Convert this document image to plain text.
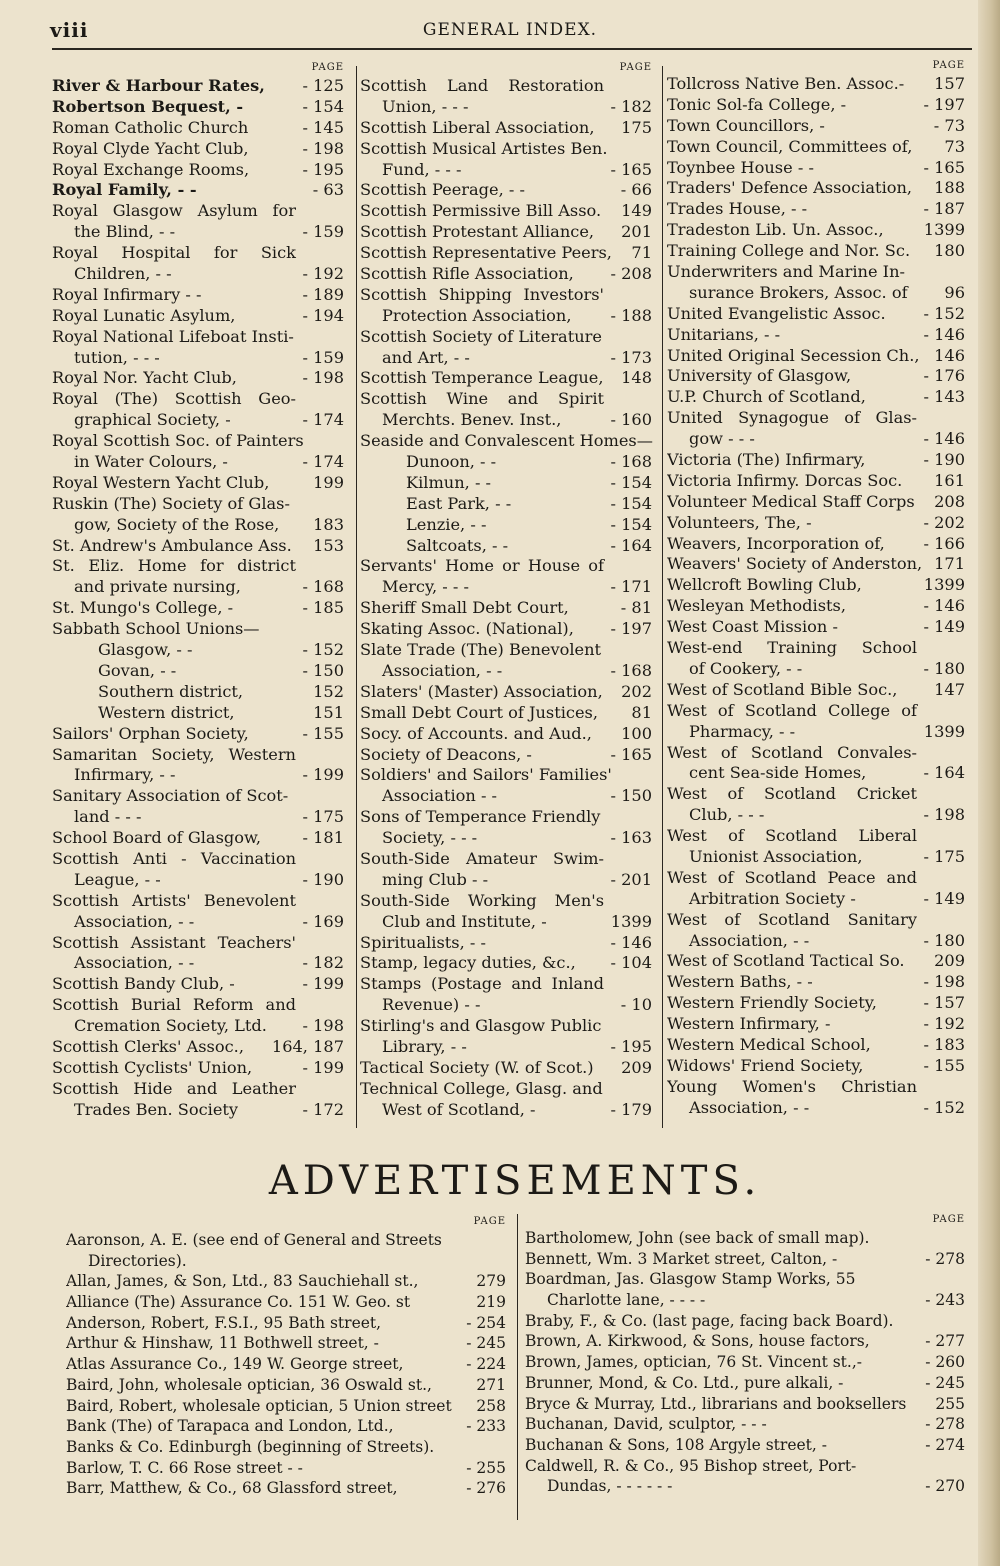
viii	GENERAL INDEX.
PAGE
River & Harbour Rates, - 125
Robertson Bequest, -	- 154
Roman Catholic Church	- 145
Royal Clyde Yacht Club,	- 198
Royal Exchange Rooms,	- 195
Royal Family, - -	- 63
Royal Glasgow Asylum for
the Blind, - -	- 159
Royal Hospital for Sick
Children, - -	- 192
Royal Infirmary - -	- 189
Royal Lunatic Asylum,	- 194
Royal National Lifeboat Insti-
tution, - - -	- 159
Royal Nor. Yacht Club,	- 198
Royal (The) Scottish Geo-
graphical Society, -	- 174
Royal Scottish Soc. of Painters
in Water Colours, -	- 174
Royal Western Yacht Club,	199
Ruskin (The) Society of Glas-
gow, Society of the Rose, 183
St. Andrew's Ambulance Ass. 153
St. Eliz. Home for district
and private nursing,	- 168
St. Mungo's College, -	- 185
Sabbath School Unions—
Glasgow, - -	- 152
Govan, - -	- 150
Southern district,	152
Western district,	151
Sailors' Orphan Society,	- 155
Samaritan Society, Western
Infirmary, - -	- 199
Sanitary Association of Scot-
land - - -	- 175
School Board of Glasgow,	- 181
Scottish Anti - Vaccination
League, - -	- 190
Scottish Artists' Benevolent
Association, - -	- 169
Scottish Assistant Teachers'
Association, - -	- 182
Scottish Bandy Club, -	- 199
Scottish Burial Reform and
Cremation Society, Ltd. - 198
Scottish Clerks' Assoc., 164, 187
Scottish Cyclists' Union,	- 199
Scottish Hide and Leather
Trades Ben. Society	- 172
PAGE
Scottish Land Restoration
Union, - - -	- 182
Scottish Liberal Association, 175
Scottish Musical Artistes Ben.
Fund, - - -	- 165
Scottish Peerage, - -	- 66
Scottish Permissive Bill Asso. 149
Scottish Protestant Alliance, 201
Scottish Representative Peers, 71
Scottish Rifle Association, - 208
Scottish Shipping Investors'
Protection Association, - 188
Scottish Society of Literature
and Art, - -	- 173
Scottish Temperance League, 148
Scottish Wine and Spirit
Merchts. Benev. Inst.,	- 160
Seaside and Convalescent Homes—
Dunoon, - -	- 168
Kilmun, - -	- 154
East Park, - -	- 154
Lenzie, - -	- 154
Saltcoats, - -	- 164
Servants' Home or House of
Mercy, - - -	- 171
Sheriff Small Debt Court,	- 81
Skating Assoc. (National), - 197
Slate Trade (The) Benevolent
Association, - -	- 168
Slaters' (Master) Association, 202
Small Debt Court of Justices, 81
Socy. of Accounts. and Aud., 100
Society of Deacons, -	- 165
Soldiers' and Sailors' Families'
Association - -	- 150
Sons of Temperance Friendly
Society, - - -	- 163
South-Side Amateur Swim-
ming Club - -	- 201
South-Side Working Men's
Club and Institute, -	1399
Spiritualists, - -	- 146
Stamp, legacy duties, &c., - 104
Stamps (Postage and Inland
Revenue) - -	- 10
Stirling's and Glasgow Public
Library, - -	- 195
Tactical Society (W. of Scot.) 209
Technical College, Glasg. and
West of Scotland, -	- 179
PAGE
Tollcross Native Ben. Assoc.- 157
Tonic Sol-fa College, -	- 197
Town Councillors, -	- 73
Town Council, Committees of, 73
Toynbee House - -	- 165
Traders' Defence Association, 188
Trades House, - -	- 187
Tradeston Lib. Un. Assoc., 1399
Training College and Nor. Sc. 180
Underwriters and Marine In-
surance Brokers, Assoc. of 96
United Evangelistic Assoc. - 152
Unitarians, - -	- 146
United Original Secession Ch., 146
University of Glasgow,	- 176
U.P. Church of Scotland,	- 143
United Synagogue of Glas-
gow - - -	- 146
Victoria (The) Infirmary,	- 190
Victoria Infirmy. Dorcas Soc. 161
Volunteer Medical Staff Corps 208
Volunteers, The, -	- 202
Weavers, Incorporation of, - 166
Weavers' Society of Anderston, 171
Wellcroft Bowling Club,	1399
Wesleyan Methodists,	- 146
West Coast Mission -	- 149
West-end Training School
of Cookery, - -	- 180
West of Scotland Bible Soc., 147
West of Scotland College of
Pharmacy, - -	1399
West of Scotland Convales-
cent Sea-side Homes,	- 164
West of Scotland Cricket
Club, - - -	- 198
West of Scotland Liberal
Unionist Association,	- 175
West of Scotland Peace and
Arbitration Society -	- 149
West of Scotland Sanitary
Association, - -	- 180
West of Scotland Tactical So. 209
Western Baths, - -	- 198
Western Friendly Society,	- 157
Western Infirmary, -	- 192
Western Medical School,	- 183
Widows' Friend Society,	- 155
Young Women's Christian
Association, - -	- 152
ADVERTISEMENTS.
PAGE
Aaronson, A. E. (see end of General and Streets
Directories).
Allan, James, & Son, Ltd., 83 Sauchiehall st.,	279
Alliance (The) Assurance Co. 151 W. Geo. st	219
Anderson, Robert, F.S.I., 95 Bath street,	- 254
Arthur & Hinshaw, 11 Bothwell street, -	- 245
Atlas Assurance Co., 149 W. George street,	- 224
Baird, John, wholesale optician, 36 Oswald st.,	271
Baird, Robert, wholesale optician, 5 Union street 258
Bank (The) of Tarapaca and London, Ltd.,	- 233
Banks & Co. Edinburgh (beginning of Streets).
Barlow, T. C. 66 Rose street - -	- 255
Barr, Matthew, & Co., 68 Glassford street,	- 276
PAGE
Bartholomew, John (see back of small map).
Bennett, Wm. 3 Market street, Calton, -	- 278
Boardman, Jas. Glasgow Stamp Works, 55
Charlotte lane, - - - -	- 243
Braby, F., & Co. (last page, facing back Board).
Brown, A. Kirkwood, & Sons, house factors,	- 277
Brown, James, optician, 76 St. Vincent st.,-	- 260
Brunner, Mond, & Co. Ltd., pure alkali, -	- 245
Bryce & Murray, Ltd., librarians and booksellers 255
Buchanan, David, sculptor, - - -	- 278
Buchanan & Sons, 108 Argyle street, -	- 274
Caldwell, R. & Co., 95 Bishop street, Port-
Dundas, - - - - - -	- 270
